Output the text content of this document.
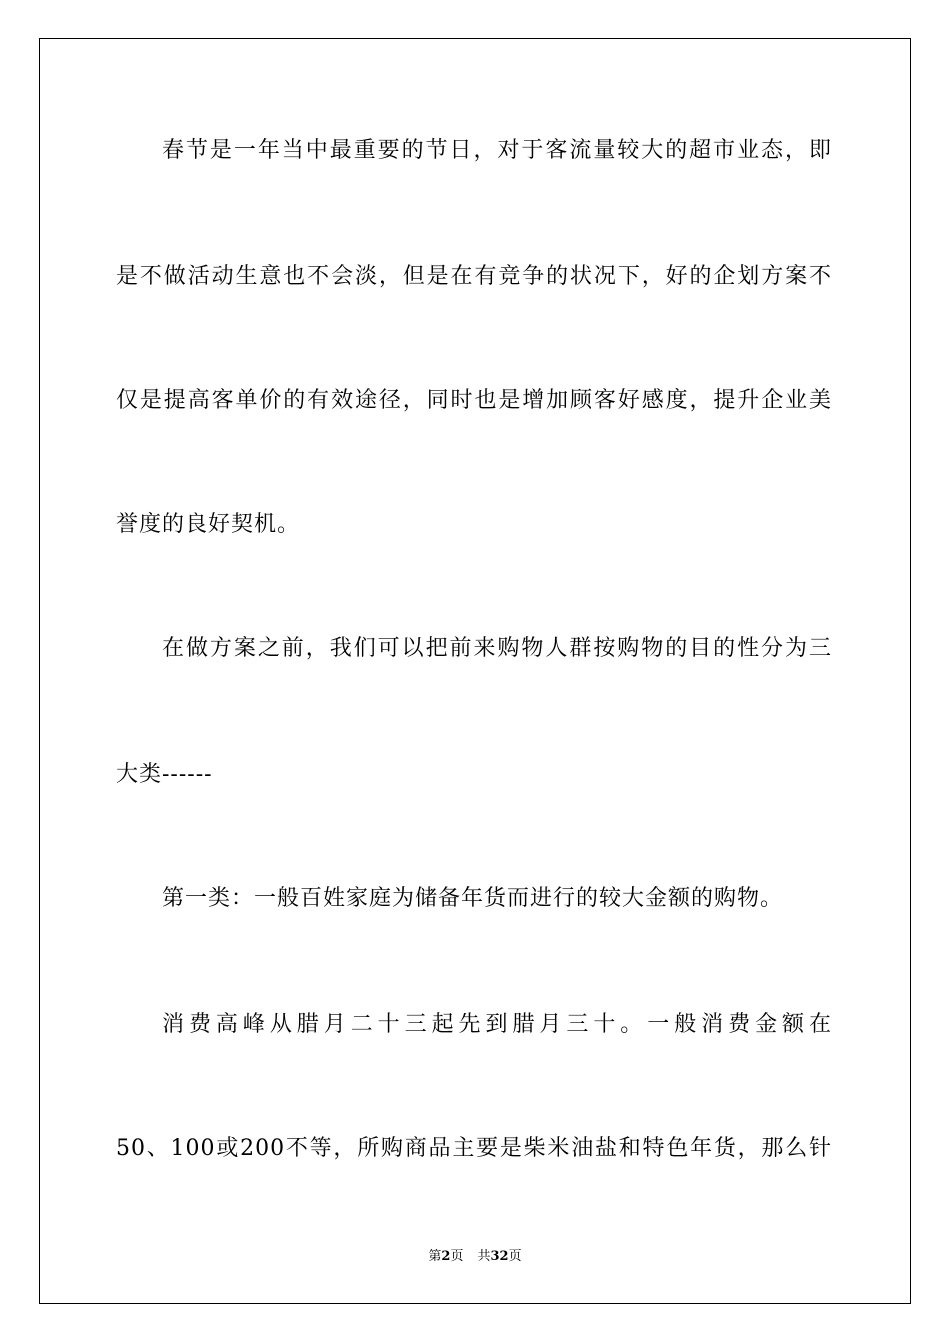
春节是一年当中最重要的节日，对于客流量较大的超市业态，即
是不做活动生意也不会淡，但是在有竞争的状况下，好的企划方案不
仅是提高客单价的有效途径，同时也是增加顾客好感度，提升企业美
誉度的良好契机。
在做方案之前，我们可以把前来购物人群按购物的目的性分为三
大类------
第一类：一般百姓家庭为储备年货而进行的较大金额的购物。
消费高峰从腊月二十三起先到腊月三十。一般消费金额在
50、100或200不等，所购商品主要是柴米油盐和特色年货，那么针
第2页 共32页
